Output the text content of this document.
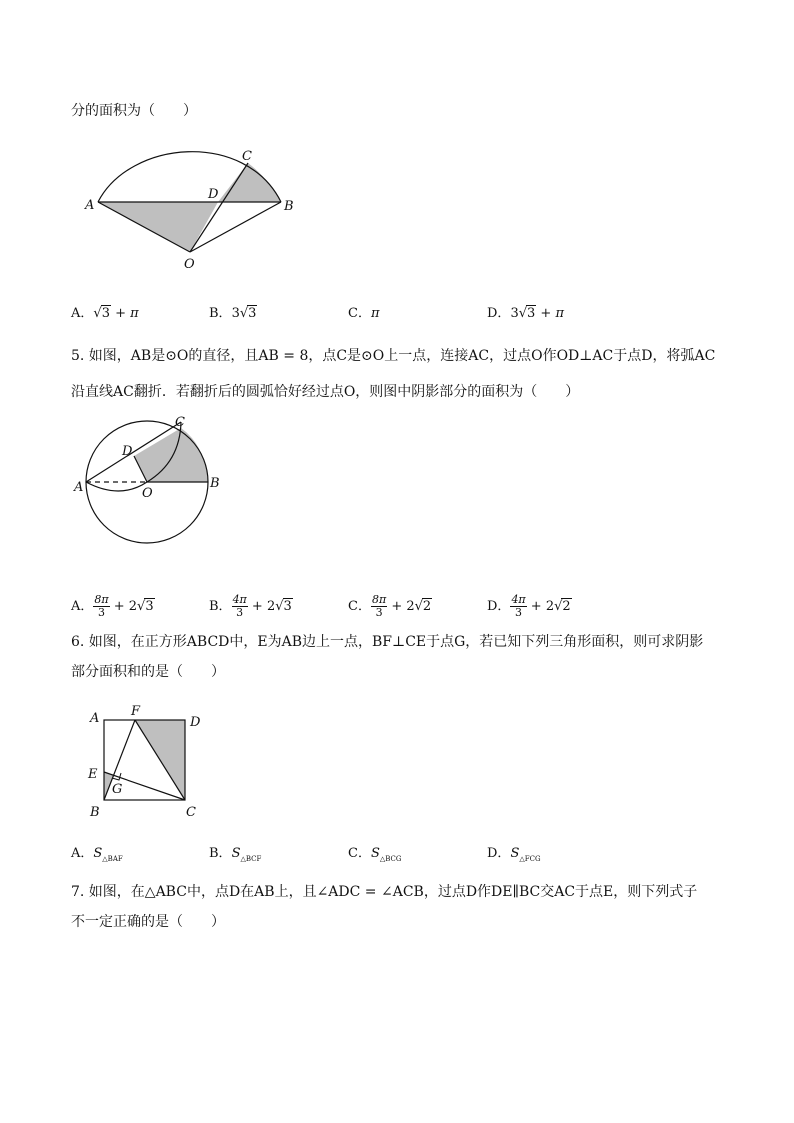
分的面积为（　　）
A	B
C
D
O
A．√3 + π	B．3√3	C．π	D．3√3 + π
5. 如图，AB是⊙O的直径，且AB = 8，点C是⊙O上一点，连接AC，过点O作OD⊥AC于点D，将弧AC
沿直线AC翻折．若翻折后的圆弧恰好经过点O，则图中阴影部分的面积为（　　）
A	B
C
D
O
A． $\frac{8\pi}{3} + 2√3$	B． $\frac{4\pi}{3} + 2√3$	C． $\frac{8\pi}{3} + 2√2$	D． $\frac{4\pi}{3} + 2√2$
6. 如图，在正方形ABCD中，E为AB边上一点，BF⊥CE于点G，若已知下列三角形面积，则可求阴影
部分面积和的是（　　）
A
B	C
D
E
F
G
A．$S_{\triangle BAF}$	B．$S_{\triangle BCF}$	C．$S_{\triangle BCG}$	D．$S_{\triangle FCG}$
7. 如图，在△ABC中，点D在AB上，且∠ADC = ∠ACB，过点D作DE∥BC交AC于点E，则下列式子
不一定正确的是（　　）
